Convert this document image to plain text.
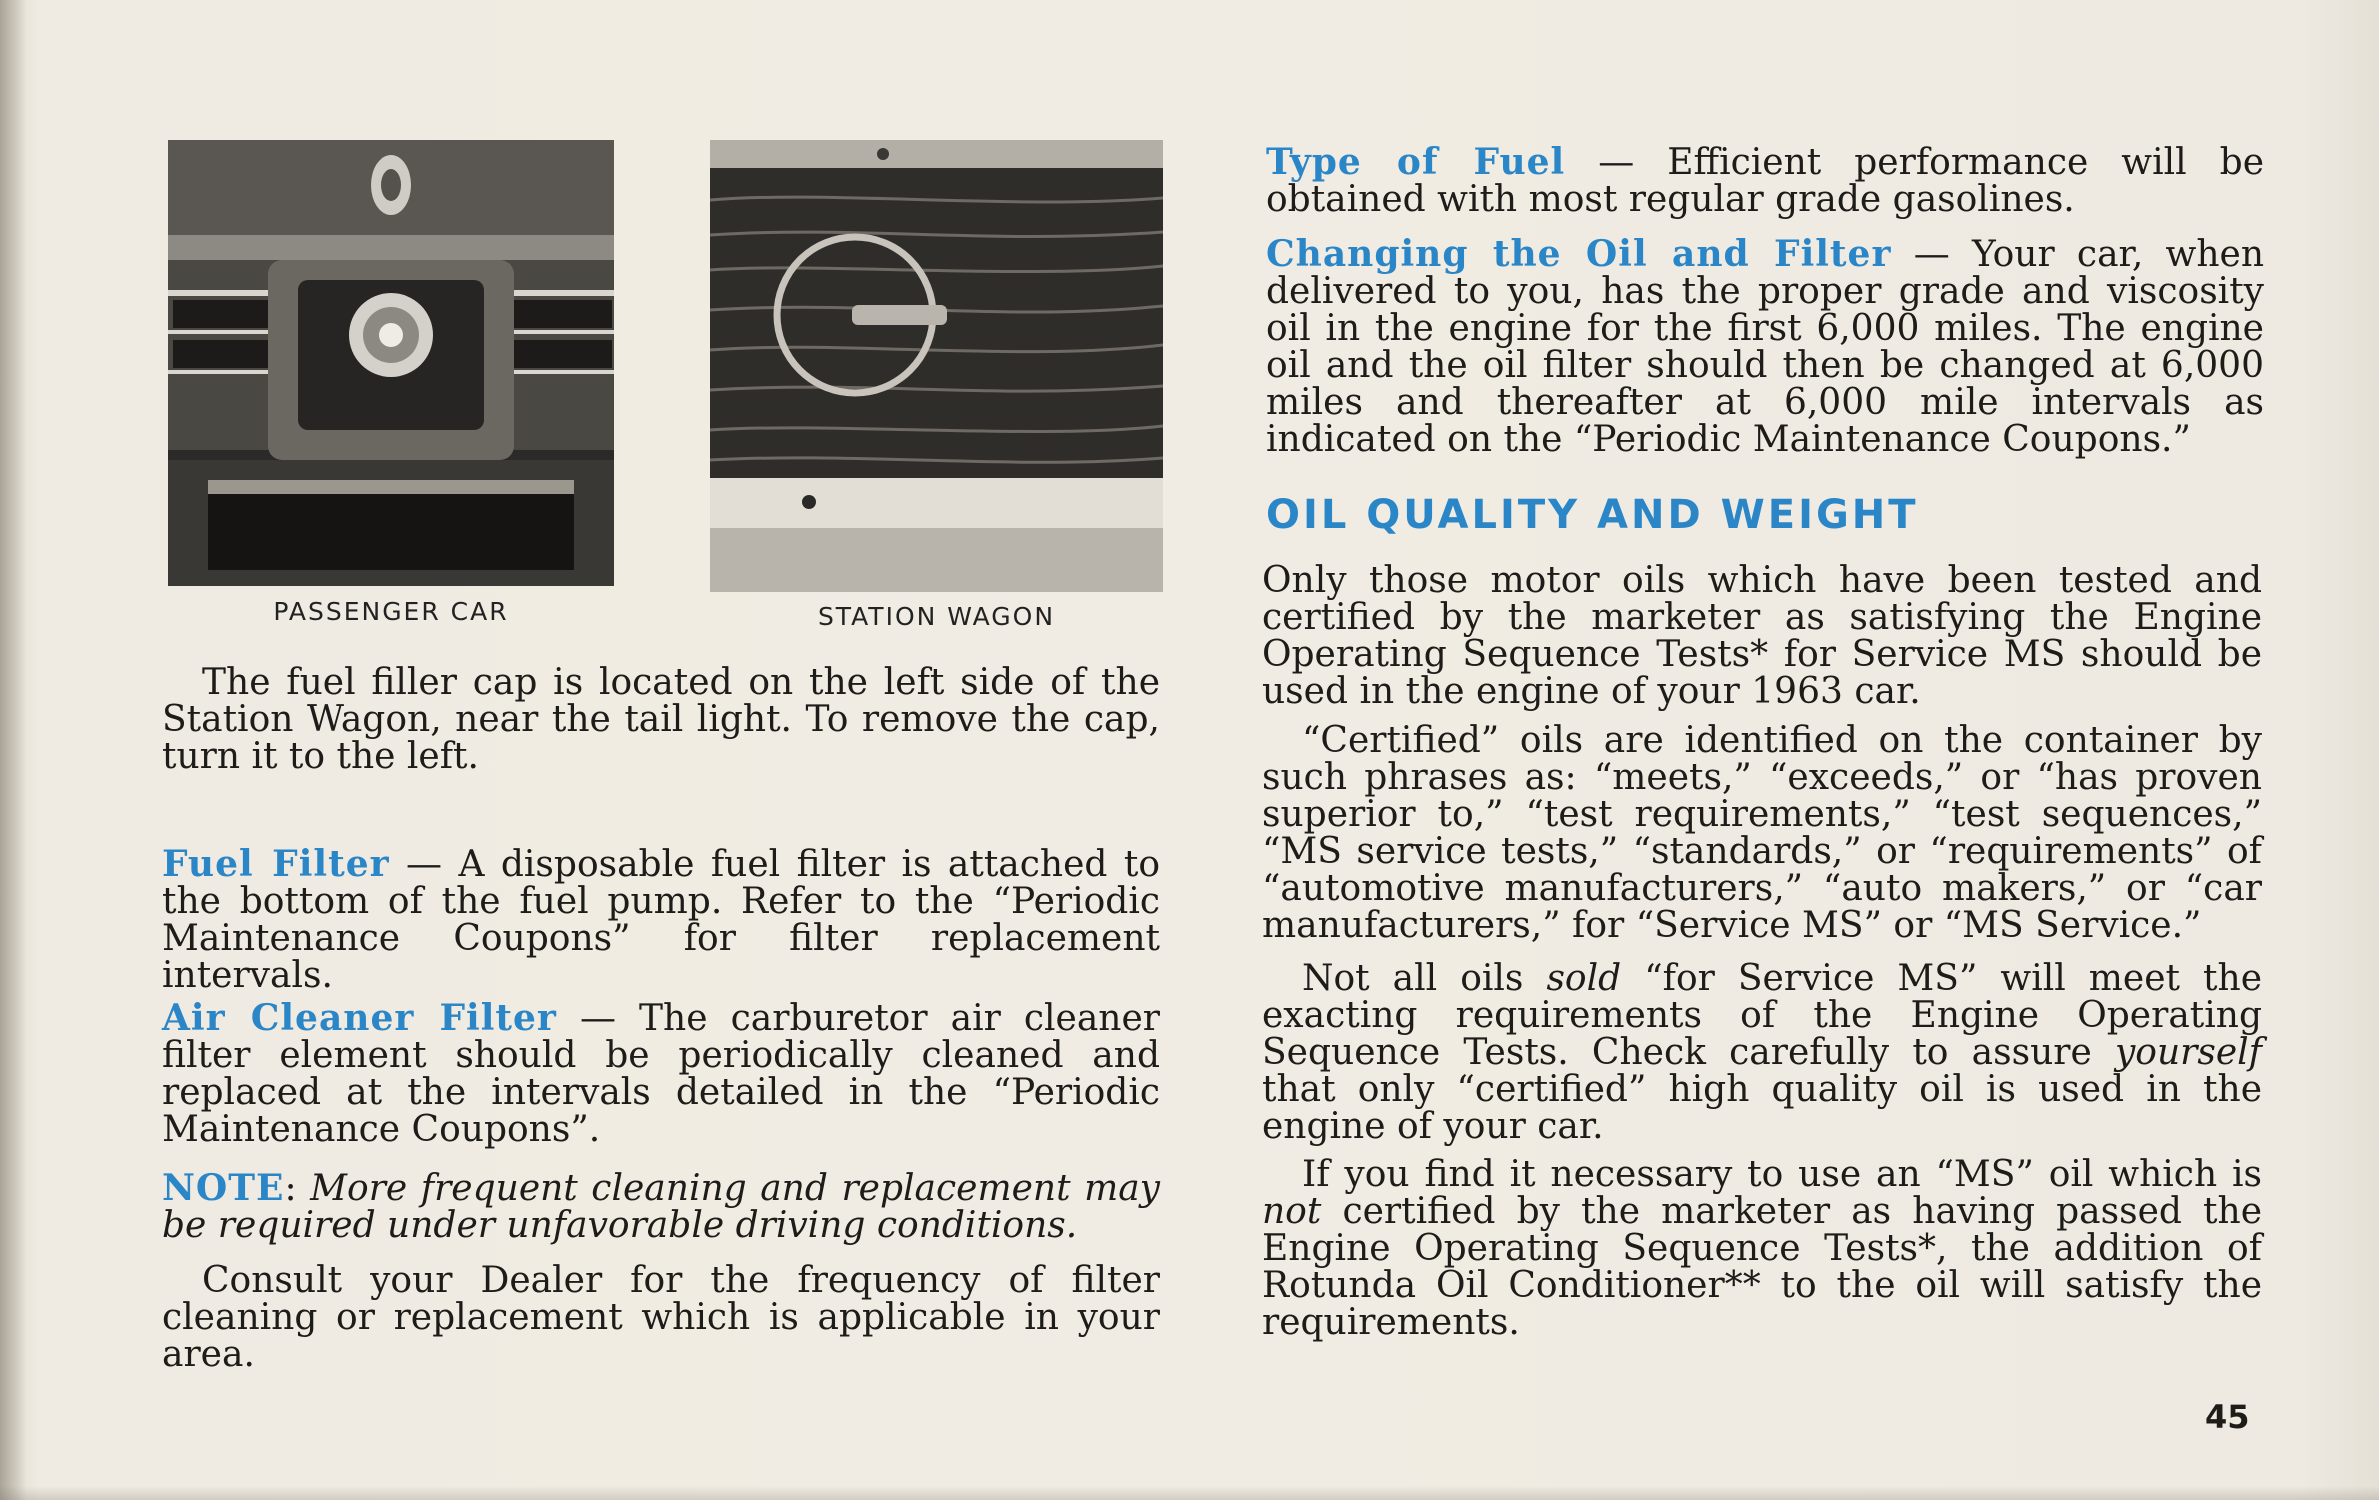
PASSENGER CAR	STATION WAGON
The fuel filler cap is located on the left side of the Station Wagon, near the tail light. To remove the cap, turn it to the left.
Fuel Filter — A disposable fuel filter is attached to the bottom of the fuel pump. Refer to the “Periodic Maintenance Coupons” for filter replacement intervals.
Air Cleaner Filter — The carburetor air cleaner filter element should be periodically cleaned and replaced at the intervals detailed in the “Periodic Maintenance Coupons”.
NOTE: More frequent cleaning and replacement may be required under unfavorable driving conditions.
Consult your Dealer for the frequency of filter cleaning or replacement which is applicable in your area.
Type of Fuel — Efficient performance will be obtained with most regular grade gasolines.
Changing the Oil and Filter — Your car, when delivered to you, has the proper grade and viscosity oil in the engine for the first 6,000 miles. The engine oil and the oil filter should then be changed at 6,000 miles and thereafter at 6,000 mile intervals as indicated on the “Periodic Maintenance Coupons.”
OIL QUALITY AND WEIGHT
Only those motor oils which have been tested and certified by the marketer as satisfying the Engine Operating Sequence Tests* for Service MS should be used in the engine of your 1963 car.
“Certified” oils are identified on the container by such phrases as: “meets,” “exceeds,” or “has proven superior to,” “test requirements,” “test sequences,” “MS service tests,” “standards,” or “requirements” of “automotive manufacturers,” “auto makers,” or “car manufacturers,” for “Service MS” or “MS Service.”
Not all oils sold “for Service MS” will meet the exacting requirements of the Engine Operating Sequence Tests. Check carefully to assure yourself that only “certified” high quality oil is used in the engine of your car.
If you find it necessary to use an “MS” oil which is not certified by the marketer as having passed the Engine Operating Sequence Tests*, the addition of Rotunda Oil Conditioner** to the oil will satisfy the requirements.
45
